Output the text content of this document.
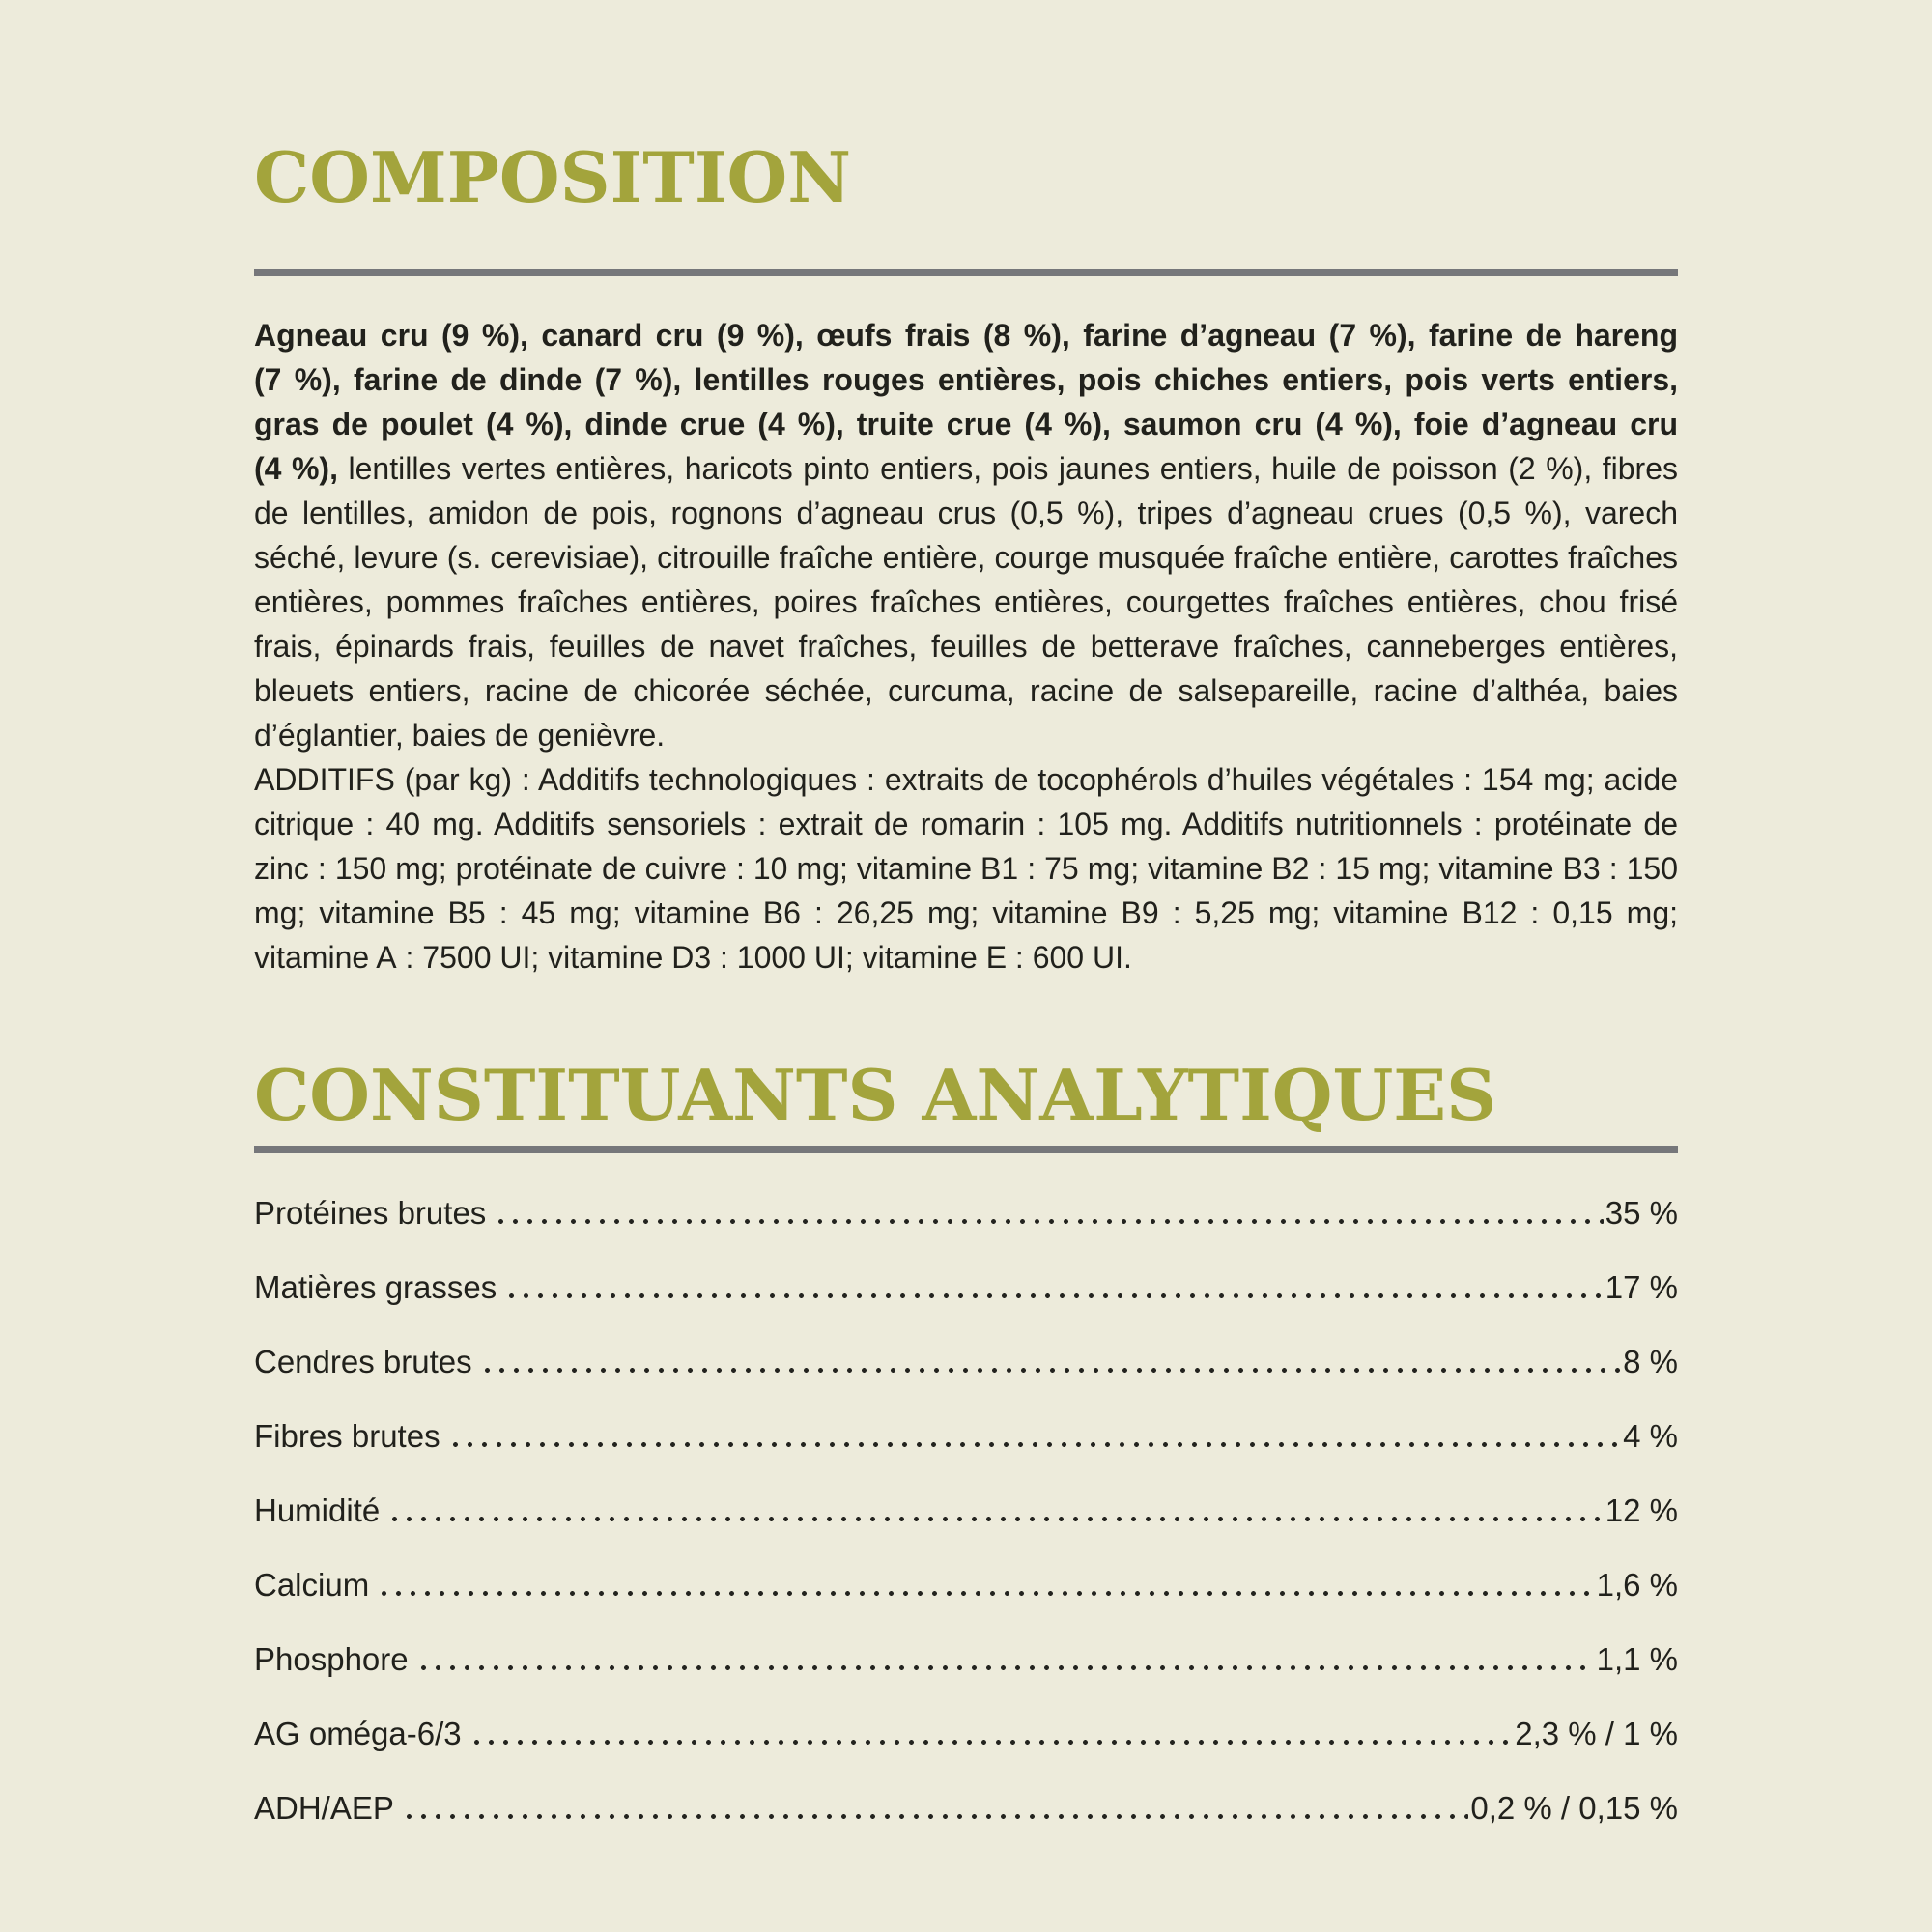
COMPOSITION

Agneau cru (9 %), canard cru (9 %), œufs frais (8 %), farine d’agneau (7 %), farine de hareng (7 %), farine de dinde (7 %), lentilles rouges entières, pois chiches entiers, pois verts entiers, gras de poulet (4 %), dinde crue (4 %), truite crue (4 %), saumon cru (4 %), foie d’agneau cru (4 %), lentilles vertes entières, haricots pinto entiers, pois jaunes entiers, huile de poisson (2 %), fibres de lentilles, amidon de pois, rognons d’agneau crus (0,5 %), tripes d’agneau crues (0,5 %), varech séché, levure (s. cerevisiae), citrouille fraîche entière, courge musquée fraîche entière, carottes fraîches entières, pommes fraîches entières, poires fraîches entières, courgettes fraîches entières, chou frisé frais, épinards frais, feuilles de navet fraîches, feuilles de betterave fraîches, canneberges entières, bleuets entiers, racine de chicorée séchée, curcuma, racine de salsepareille, racine d’althéa, baies d’églantier, baies de genièvre.

ADDITIFS (par kg) : Additifs technologiques : extraits de tocophérols d’huiles végétales : 154 mg; acide citrique : 40 mg. Additifs sensoriels : extrait de romarin : 105 mg. Additifs nutritionnels : protéinate de zinc : 150 mg; protéinate de cuivre : 10 mg; vitamine B1 : 75 mg; vitamine B2 : 15 mg; vitamine B3 : 150 mg; vitamine B5 : 45 mg; vitamine B6 : 26,25 mg; vitamine B9 : 5,25 mg; vitamine B12 : 0,15 mg; vitamine A : 7500 UI; vitamine D3 : 1000 UI; vitamine E : 600 UI.

CONSTITUANTS ANALYTIQUES
Protéines brutes	35 %
Matières grasses	17 %
Cendres brutes	8 %
Fibres brutes	4 %
Humidité	12 %
Calcium	1,6 %
Phosphore	1,1 %
AG oméga-6/3	2,3 % / 1 %
ADH/AEP	0,2 % / 0,15 %
